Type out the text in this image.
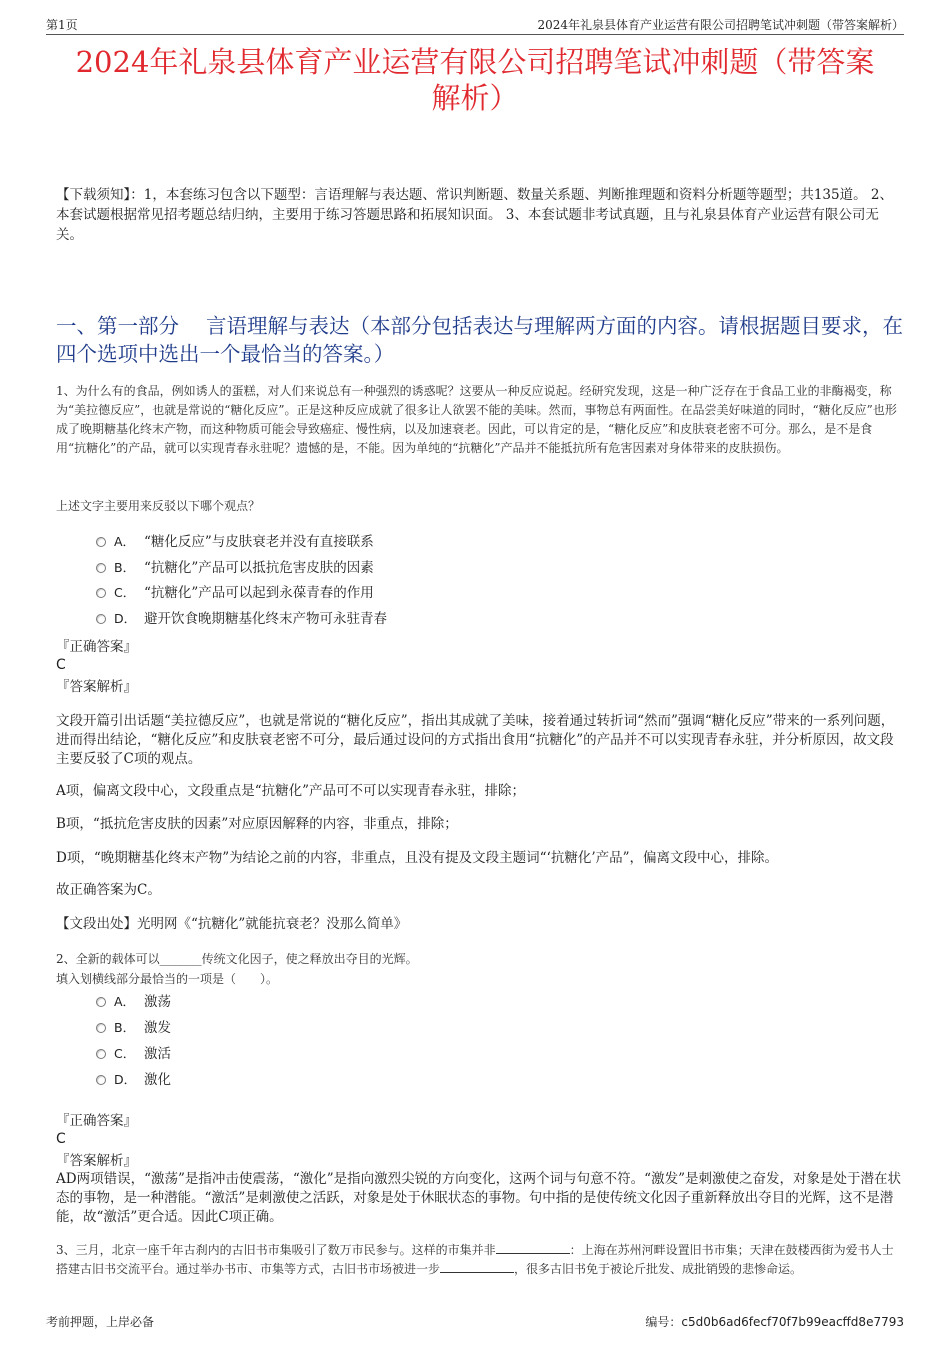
第1页	2024年礼泉县体育产业运营有限公司招聘笔试冲刺题（带答案解析）
2024年礼泉县体育产业运营有限公司招聘笔试冲刺题（带答案
解析）
【下载须知】：1，本套练习包含以下题型：言语理解与表达题、常识判断题、数量关系题、判断推理题和资料分析题等题型；共135道。 2、本套试题根据常见招考题总结归纳，主要用于练习答题思路和拓展知识面。 3、本套试题非考试真题，且与礼泉县体育产业运营有限公司无关。
一、第一部分　 言语理解与表达（本部分包括表达与理解两方面的内容。请根据题目要求，在四个选项中选出一个最恰当的答案。）
1、为什么有的食品，例如诱人的蛋糕，对人们来说总有一种强烈的诱惑呢？这要从一种反应说起。经研究发现，这是一种广泛存在于食品工业的非酶褐变，称为“美拉德反应”，也就是常说的“糖化反应”。正是这种反应成就了很多让人欲罢不能的美味。然而，事物总有两面性。在品尝美好味道的同时，“糖化反应”也形成了晚期糖基化终末产物，而这种物质可能会导致癌症、慢性病，以及加速衰老。因此，可以肯定的是，“糖化反应”和皮肤衰老密不可分。那么，是不是食用“抗糖化”的产品，就可以实现青春永驻呢？遗憾的是，不能。因为单纯的“抗糖化”产品并不能抵抗所有危害因素对身体带来的皮肤损伤。
上述文字主要用来反驳以下哪个观点？
A． “糖化反应”与皮肤衰老并没有直接联系
B． “抗糖化”产品可以抵抗危害皮肤的因素
C． “抗糖化”产品可以起到永葆青春的作用
D． 避开饮食晚期糖基化终末产物可永驻青春
『正确答案』
C
『答案解析』
文段开篇引出话题“美拉德反应”，也就是常说的“糖化反应”，指出其成就了美味，接着通过转折词“然而”强调“糖化反应”带来的一系列问题，进而得出结论，“糖化反应”和皮肤衰老密不可分，最后通过设问的方式指出食用“抗糖化”的产品并不可以实现青春永驻，并分析原因，故文段主要反驳了C项的观点。
A项，偏离文段中心，文段重点是“抗糖化”产品可不可以实现青春永驻，排除；
B项，“抵抗危害皮肤的因素”对应原因解释的内容，非重点，排除；
D项，“晚期糖基化终末产物”为结论之前的内容，非重点，且没有提及文段主题词“‘抗糖化’产品”，偏离文段中心，排除。
故正确答案为C。
【文段出处】光明网《“抗糖化”就能抗衰老？没那么简单》
2、全新的载体可以_______传统文化因子，使之释放出夺目的光辉。
填入划横线部分最恰当的一项是（　　）。
A． 激荡
B． 激发
C． 激活
D． 激化
『正确答案』
C
『答案解析』
AD两项错误，“激荡”是指冲击使震荡，“激化”是指向激烈尖锐的方向变化，这两个词与句意不符。“激发”是刺激使之奋发，对象是处于潜在状态的事物，是一种潜能。“激活”是刺激使之活跃，对象是处于休眠状态的事物。句中指的是使传统文化因子重新释放出夺目的光辉，这不是潜能，故“激活”更合适。因此C项正确。
3、三月，北京一座千年古刹内的古旧书市集吸引了数万市民参与。这样的市集并非	：上海在苏州河畔设置旧书市集；天津在鼓楼西街为爱书人士搭建古旧书交流平台。通过举办书市、市集等方式，古旧书市场被进一步	，很多古旧书免于被论斤批发、成批销毁的悲惨命运。
考前押题，上岸必备	编号：c5d0b6ad6fecf70f7b99eacffd8e7793
